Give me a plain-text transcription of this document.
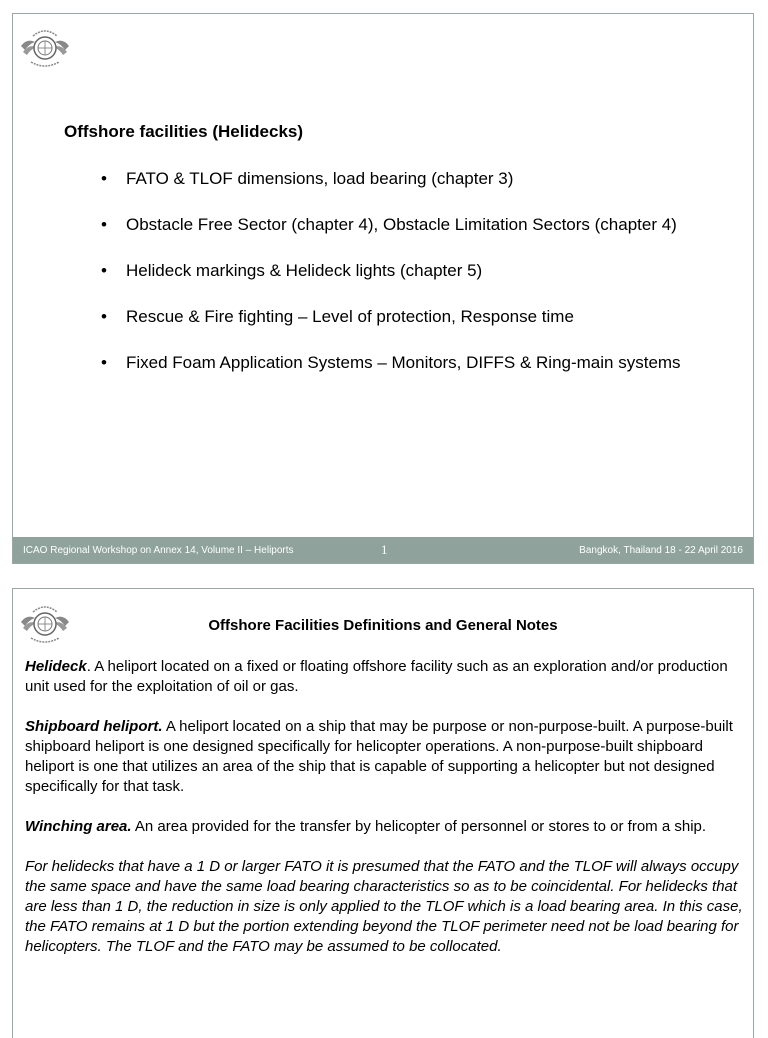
Offshore facilities (Helidecks)
• FATO & TLOF dimensions, load bearing (chapter 3)
• Obstacle Free Sector (chapter 4), Obstacle Limitation Sectors (chapter 4)
• Helideck markings & Helideck lights (chapter 5)
• Rescue & Fire fighting – Level of protection, Response time
• Fixed Foam Application Systems – Monitors, DIFFS & Ring-main systems
ICAO Regional Workshop on Annex 14, Volume II – Heliports	1	Bangkok, Thailand 18 - 22 April 2016
Offshore Facilities Definitions and General Notes

Helideck. A heliport located on a fixed or floating offshore facility such as an exploration and/or production unit used for the exploitation of oil or gas.

Shipboard heliport. A heliport located on a ship that may be purpose or non-purpose-built. A purpose-built shipboard heliport is one designed specifically for helicopter operations. A non-purpose-built shipboard heliport is one that utilizes an area of the ship that is capable of supporting a helicopter but not designed specifically for that task.

Winching area. An area provided for the transfer by helicopter of personnel or stores to or from a ship.

For helidecks that have a 1 D or larger FATO it is presumed that the FATO and the TLOF will always occupy the same space and have the same load bearing characteristics so as to be coincidental. For helidecks that are less than 1 D, the reduction in size is only applied to the TLOF which is a load bearing area. In this case, the FATO remains at 1 D but the portion extending beyond the TLOF perimeter need not be load bearing for helicopters. The TLOF and the FATO may be assumed to be collocated.
